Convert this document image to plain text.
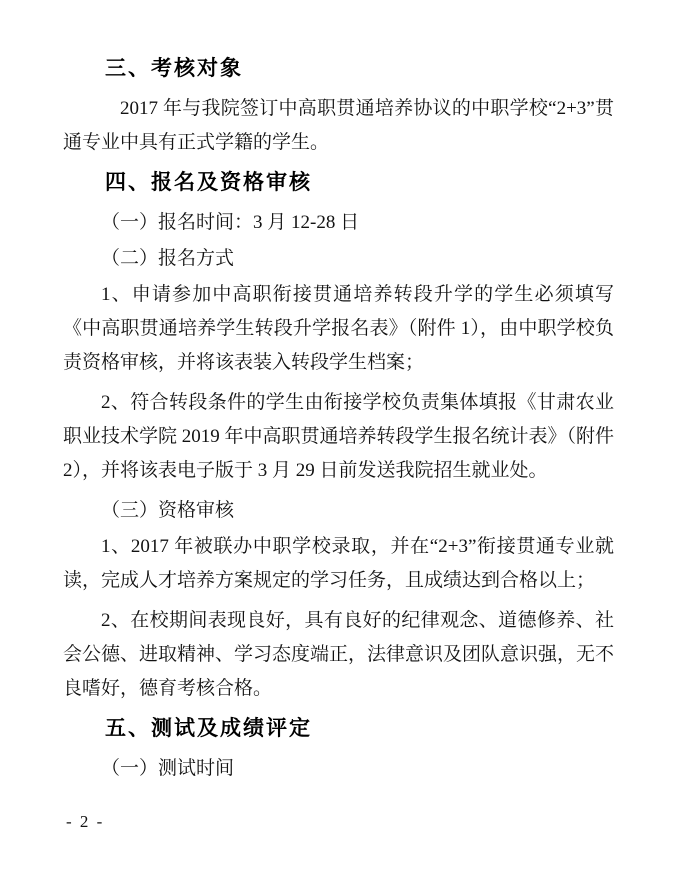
三、考核对象

2017 年与我院签订中高职贯通培养协议的中职学校“2+3”贯通专业中具有正式学籍的学生。

四、报名及资格审核

（一）报名时间：3 月 12-28 日

（二）报名方式

1、申请参加中高职衔接贯通培养转段升学的学生必须填写《中高职贯通培养学生转段升学报名表》（附件 1），由中职学校负责资格审核，并将该表装入转段学生档案；

2、符合转段条件的学生由衔接学校负责集体填报《甘肃农业职业技术学院 2019 年中高职贯通培养转段学生报名统计表》（附件 2），并将该表电子版于 3 月 29 日前发送我院招生就业处。

（三）资格审核

1、2017 年被联办中职学校录取，并在“2+3”衔接贯通专业就读，完成人才培养方案规定的学习任务，且成绩达到合格以上；

2、在校期间表现良好，具有良好的纪律观念、道德修养、社会公德、进取精神、学习态度端正，法律意识及团队意识强，无不良嗜好，德育考核合格。

五、测试及成绩评定

（一）测试时间

- 2 -
